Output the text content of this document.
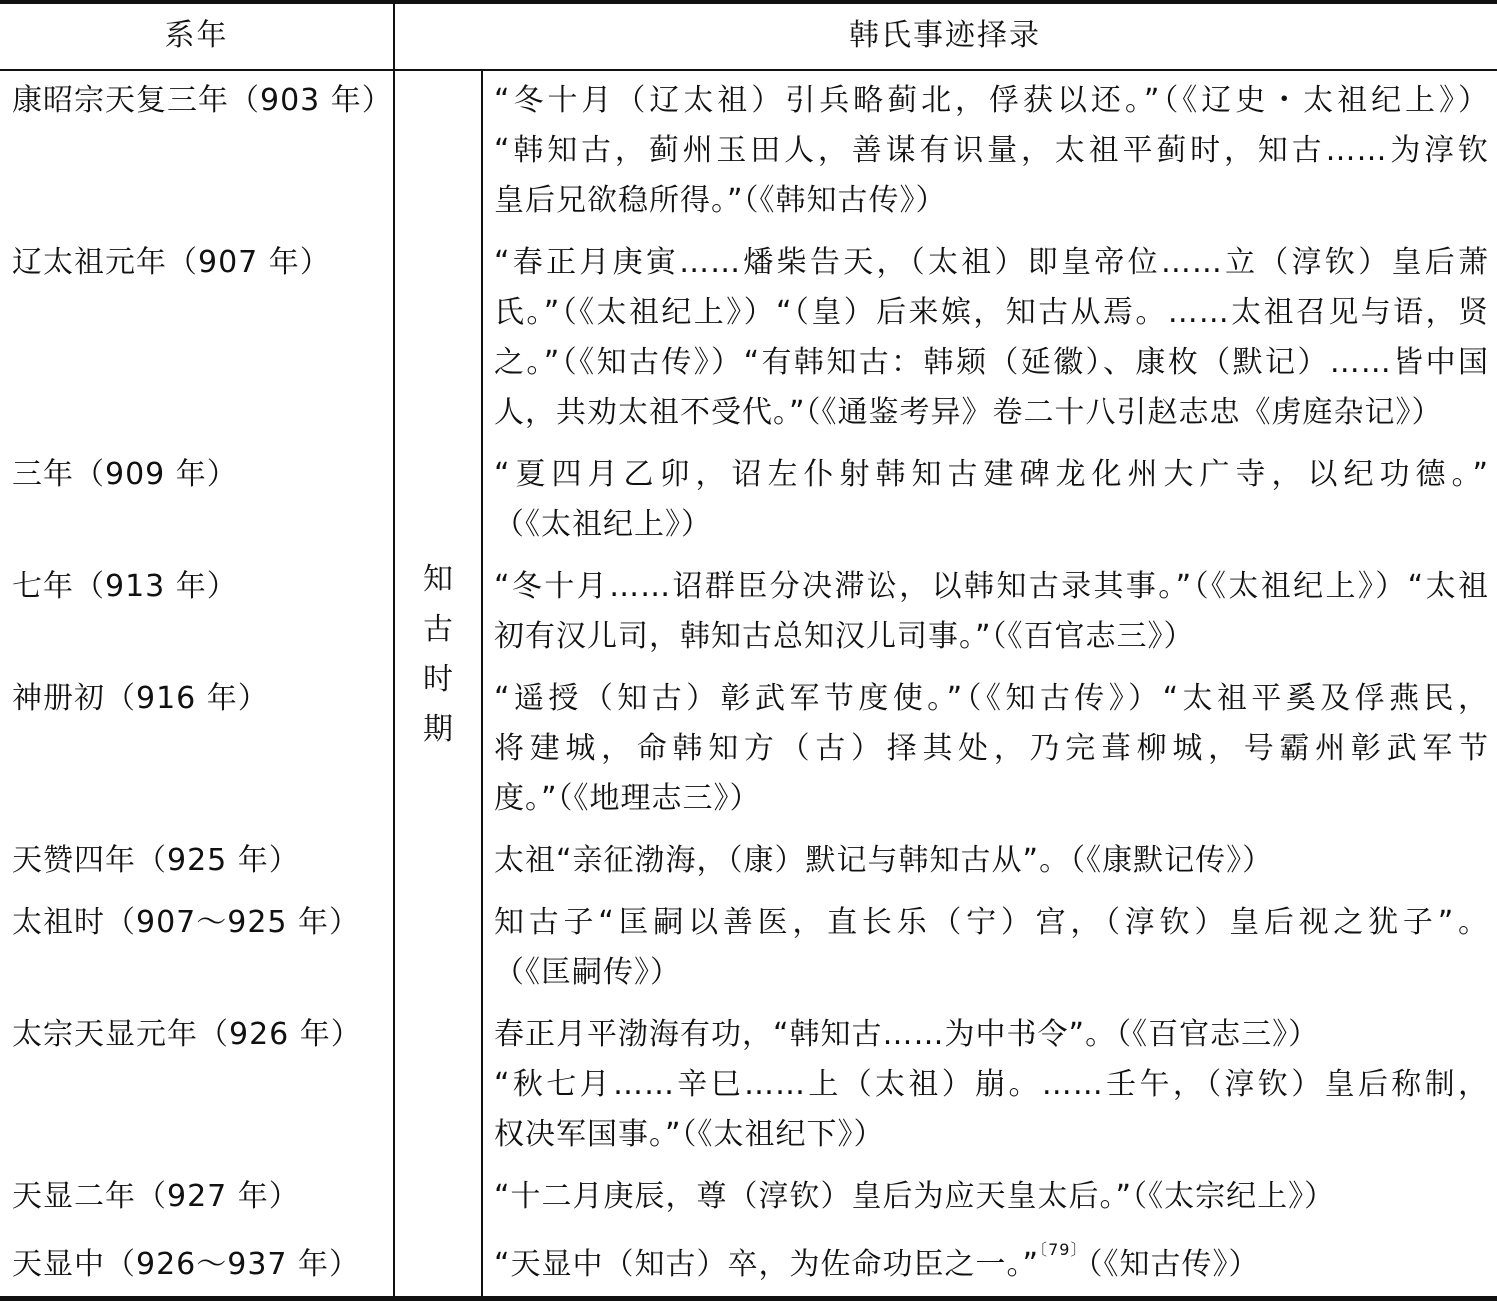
系年	韩氏事迹择录
知
古
时
期
康昭宗天复三年（903 年）	“冬十月（辽太祖）引兵略蓟北，俘获以还。”（《辽史・太祖纪上》）
“韩知古，蓟州玉田人，善谋有识量，太祖平蓟时，知古……为淳钦
皇后兄欲稳所得。”（《韩知古传》）
辽太祖元年（907 年）	“春正月庚寅……燔柴告天，（太祖）即皇帝位……立（淳钦）皇后萧
氏。”（《太祖纪上》）“（皇）后来嫔，知古从焉。……太祖召见与语，贤
之。”（《知古传》）“有韩知古：韩颎（延徽）、康枚（默记）……皆中国
人，共劝太祖不受代。”（《通鉴考异》卷二十八引赵志忠《虏庭杂记》）
三年（909 年）	“夏四月乙卯，诏左仆射韩知古建碑龙化州大广寺，以纪功德。”
（《太祖纪上》）
七年（913 年）	“冬十月……诏群臣分决滞讼，以韩知古录其事。”（《太祖纪上》）“太祖
初有汉儿司，韩知古总知汉儿司事。”（《百官志三》）
神册初（916 年）	“遥授（知古）彰武军节度使。”（《知古传》）“太祖平奚及俘燕民，
将建城，命韩知方（古）择其处，乃完葺柳城，号霸州彰武军节
度。”（《地理志三》）
天赞四年（925 年）	太祖“亲征渤海，（康）默记与韩知古从”。（《康默记传》）
太祖时（907～925 年）	知古子“匡嗣以善医，直长乐（宁）宫，（淳钦）皇后视之犹子”。
（《匡嗣传》）
太宗天显元年（926 年）	春正月平渤海有功，“韩知古……为中书令”。（《百官志三》）
“秋七月……辛巳……上（太祖）崩。……壬午，（淳钦）皇后称制，
权决军国事。”（《太祖纪下》）
天显二年（927 年）	“十二月庚辰，尊（淳钦）皇后为应天皇太后。”（《太宗纪上》）
天显中（926～937 年）	“天显中（知古）卒，为佐命功臣之一。”$^{〔79〕}$（《知古传》）
